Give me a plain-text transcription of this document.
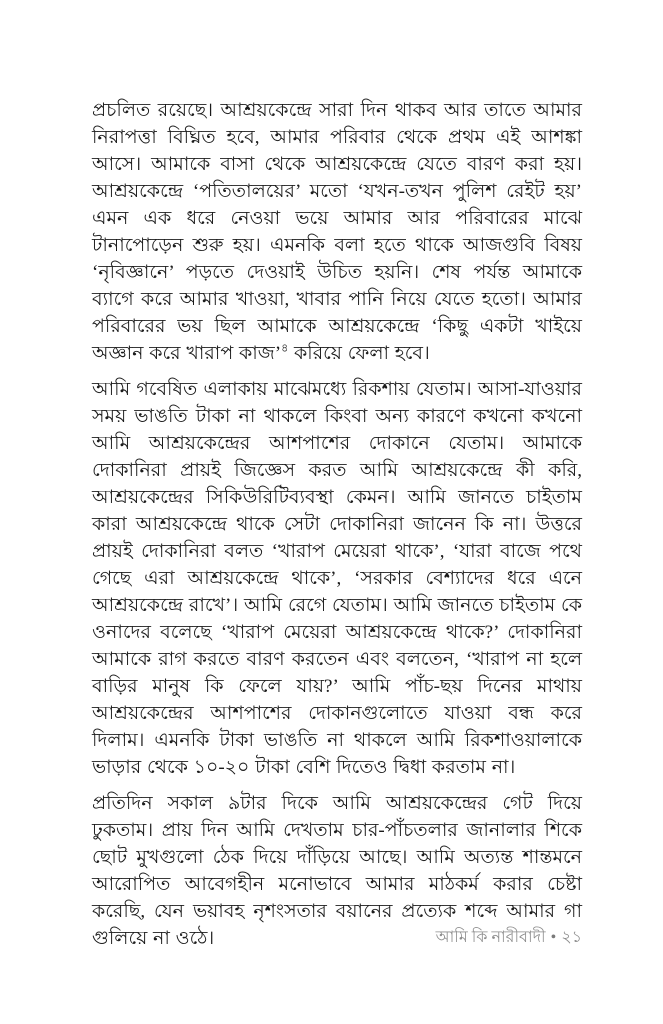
প্রচলিত রয়েছে। আশ্রয়কেন্দ্রে সারা দিন থাকব আর তাতে আমার নিরাপত্তা বিঘ্নিত হবে, আমার পরিবার থেকে প্রথম এই আশঙ্কা আসে। আমাকে বাসা থেকে আশ্রয়কেন্দ্রে যেতে বারণ করা হয়। আশ্রয়কেন্দ্রে ‘পতিতালয়ের’ মতো ‘যখন-তখন পুলিশ রেইট হয়’ এমন এক ধরে নেওয়া ভয়ে আমার আর পরিবারের মাঝে টানাপোড়েন শুরু হয়। এমনকি বলা হতে থাকে আজগুবি বিষয় ‘নৃবিজ্ঞানে’ পড়তে দেওয়াই উচিত হয়নি। শেষ পর্যন্ত আমাকে ব্যাগে করে আমার খাওয়া, খাবার পানি নিয়ে যেতে হতো। আমার পরিবারের ভয় ছিল আমাকে আশ্রয়কেন্দ্রে ‘কিছু একটা খাইয়ে অজ্ঞান করে খারাপ কাজ’$^৪$ করিয়ে ফেলা হবে।

আমি গবেষিত এলাকায় মাঝেমধ্যে রিকশায় যেতাম। আসা-যাওয়ার সময় ভাঙতি টাকা না থাকলে কিংবা অন্য কারণে কখনো কখনো আমি আশ্রয়কেন্দ্রের আশপাশের দোকানে যেতাম। আমাকে দোকানিরা প্রায়ই জিজ্ঞেস করত আমি আশ্রয়কেন্দ্রে কী করি, আশ্রয়কেন্দ্রের সিকিউরিটিব্যবস্থা কেমন। আমি জানতে চাইতাম কারা আশ্রয়কেন্দ্রে থাকে সেটা দোকানিরা জানেন কি না। উত্তরে প্রায়ই দোকানিরা বলত ‘খারাপ মেয়েরা থাকে’, ‘যারা বাজে পথে গেছে এরা আশ্রয়কেন্দ্রে থাকে’, ‘সরকার বেশ্যাদের ধরে এনে আশ্রয়কেন্দ্রে রাখে’। আমি রেগে যেতাম। আমি জানতে চাইতাম কে ওনাদের বলেছে ‘খারাপ মেয়েরা আশ্রয়কেন্দ্রে থাকে?’ দোকানিরা আমাকে রাগ করতে বারণ করতেন এবং বলতেন, ‘খারাপ না হলে বাড়ির মানুষ কি ফেলে যায়?’ আমি পাঁচ-ছয় দিনের মাথায় আশ্রয়কেন্দ্রের আশপাশের দোকানগুলোতে যাওয়া বন্ধ করে দিলাম। এমনকি টাকা ভাঙতি না থাকলে আমি রিকশাওয়ালাকে ভাড়ার থেকে ১০-২০ টাকা বেশি দিতেও দ্বিধা করতাম না।

প্রতিদিন সকাল ৯টার দিকে আমি আশ্রয়কেন্দ্রের গেট দিয়ে ঢুকতাম। প্রায় দিন আমি দেখতাম চার-পাঁচতলার জানালার শিকে ছোট মুখগুলো ঠেক দিয়ে দাঁড়িয়ে আছে। আমি অত্যন্ত শান্তমনে আরোপিত আবেগহীন মনোভাবে আমার মাঠকর্ম করার চেষ্টা করেছি, যেন ভয়াবহ নৃশংসতার বয়ানের প্রত্যেক শব্দে আমার গা গুলিয়ে না ওঠে।	আমি কি নারীবাদী • ২১
